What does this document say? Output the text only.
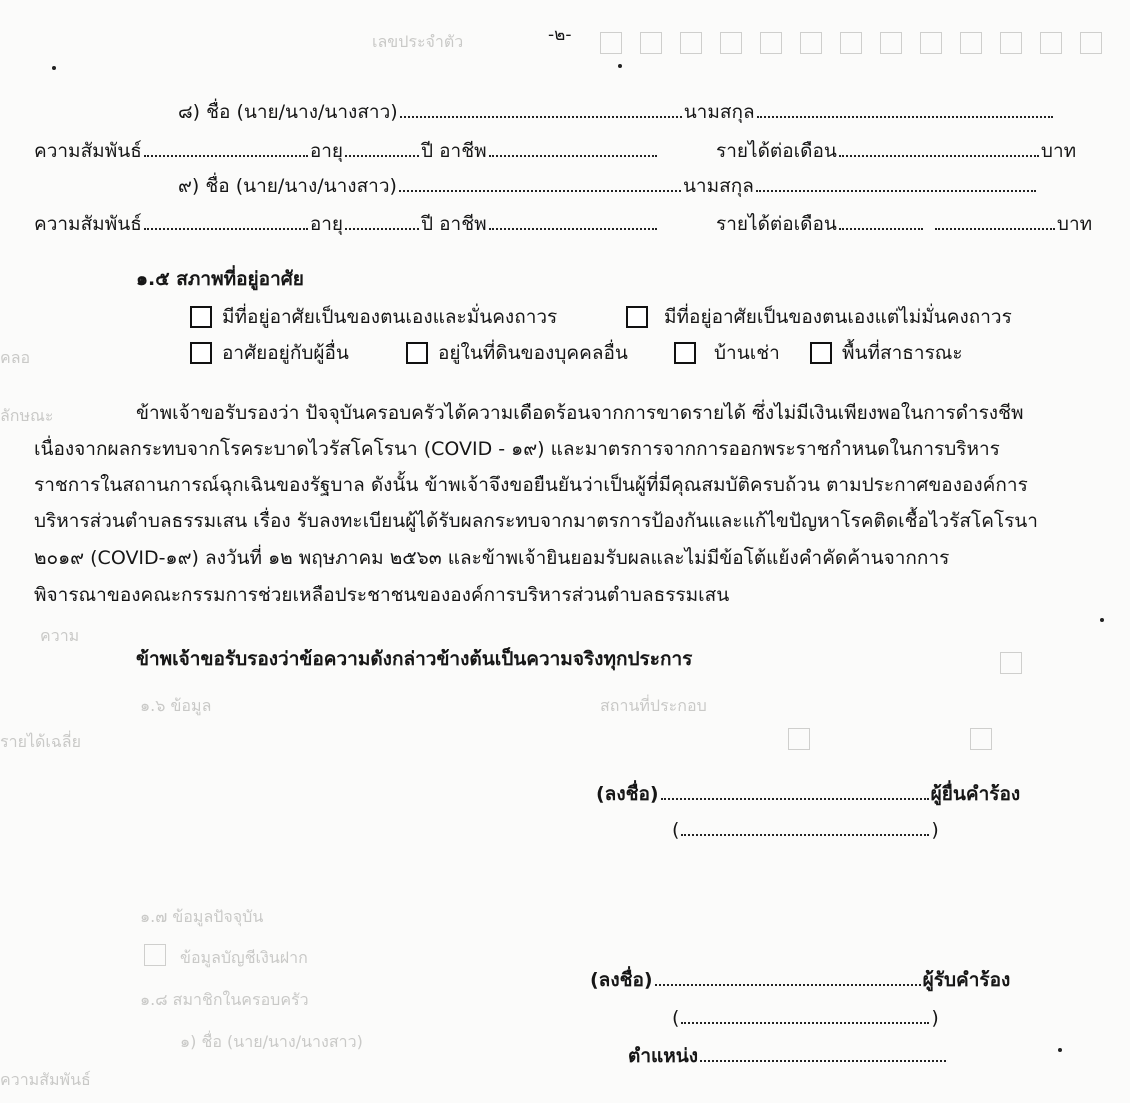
เลขประจำตัว
คลอ
ลักษณะ
ความ
๑.๖ ข้อมูล	สถานที่ประกอบ
รายได้เฉลี่ย
๑.๗ ข้อมูลปัจจุบัน
ข้อมูลบัญชีเงินฝาก
๑.๘ สมาชิกในครอบครัว
๑) ชื่อ (นาย/นาง/นางสาว)
ความสัมพันธ์
-๒-
๘) ชื่อ (นาย/นาง/นางสาว)	นามสกุล
ความสัมพันธ์	อายุ	ปี อาชีพ	รายได้ต่อเดือน	บาท
๙) ชื่อ (นาย/นาง/นางสาว)	นามสกุล
ความสัมพันธ์	อายุ	ปี อาชีพ	รายได้ต่อเดือน	บาท
๑.๕ สภาพที่อยู่อาศัย
มีที่อยู่อาศัยเป็นของตนเองและมั่นคงถาวร	มีที่อยู่อาศัยเป็นของตนเองแต่ไม่มั่นคงถาวร
อาศัยอยู่กับผู้อื่น	อยู่ในที่ดินของบุคคลอื่น	บ้านเช่า	พื้นที่สาธารณะ
ข้าพเจ้าขอรับรองว่า ปัจจุบันครอบครัวได้ความเดือดร้อนจากการขาดรายได้ ซึ่งไม่มีเงินเพียงพอในการดำรงชีพ
เนื่องจากผลกระทบจากโรคระบาดไวรัสโคโรนา (COVID - ๑๙) และมาตรการจากการออกพระราชกำหนดในการบริหาร
ราชการในสถานการณ์ฉุกเฉินของรัฐบาล ดังนั้น ข้าพเจ้าจึงขอยืนยันว่าเป็นผู้ที่มีคุณสมบัติครบถ้วน ตามประกาศขององค์การ
บริหารส่วนตำบลธรรมเสน เรื่อง รับลงทะเบียนผู้ได้รับผลกระทบจากมาตรการป้องกันและแก้ไขปัญหาโรคติดเชื้อไวรัสโคโรนา
๒๐๑๙ (COVID-๑๙) ลงวันที่ ๑๒ พฤษภาคม ๒๕๖๓ และข้าพเจ้ายินยอมรับผลและไม่มีข้อโต้แย้งคำคัดค้านจากการ
พิจารณาของคณะกรรมการช่วยเหลือประชาชนขององค์การบริหารส่วนตำบลธรรมเสน
ข้าพเจ้าขอรับรองว่าข้อความดังกล่าวข้างต้นเป็นความจริงทุกประการ
(ลงชื่อ)	ผู้ยื่นคำร้อง
(	)
(ลงชื่อ)	ผู้รับคำร้อง
(	)
ตำแหน่ง
